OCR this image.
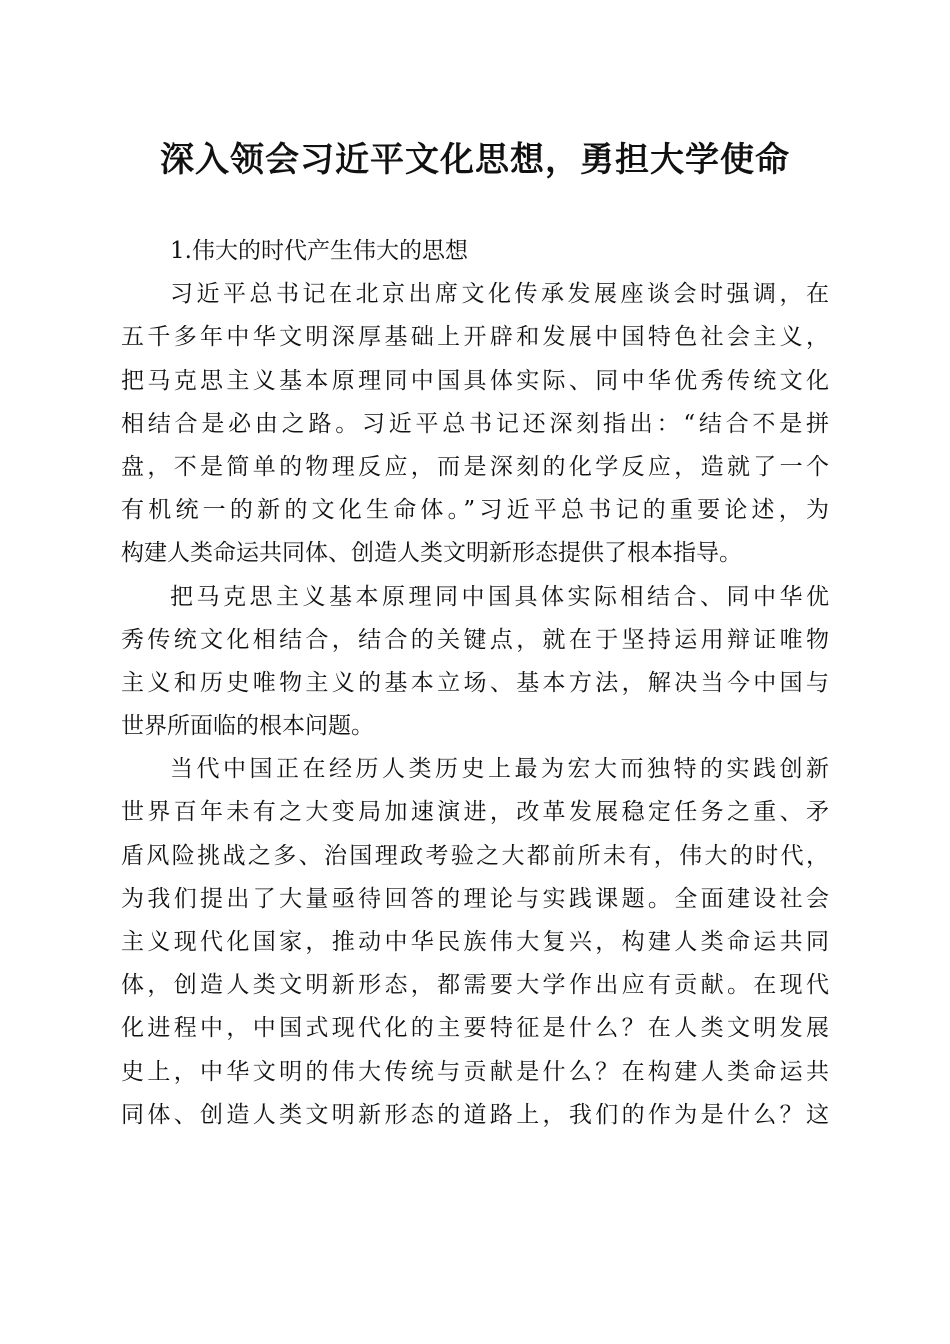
深入领会习近平文化思想，勇担大学使命
1.伟大的时代产生伟大的思想
习近平总书记在北京出席文化传承发展座谈会时强调，在
五千多年中华文明深厚基础上开辟和发展中国特色社会主义，
把马克思主义基本原理同中国具体实际、同中华优秀传统文化
相结合是必由之路。习近平总书记还深刻指出：“结合不是拼
盘，不是简单的物理反应，而是深刻的化学反应，造就了一个
有机统一的新的文化生命体。”习近平总书记的重要论述，为
构建人类命运共同体、创造人类文明新形态提供了根本指导。
把马克思主义基本原理同中国具体实际相结合、同中华优
秀传统文化相结合，结合的关键点，就在于坚持运用辩证唯物
主义和历史唯物主义的基本立场、基本方法，解决当今中国与
世界所面临的根本问题。
当代中国正在经历人类历史上最为宏大而独特的实践创新
世界百年未有之大变局加速演进，改革发展稳定任务之重、矛
盾风险挑战之多、治国理政考验之大都前所未有，伟大的时代，
为我们提出了大量亟待回答的理论与实践课题。全面建设社会
主义现代化国家，推动中华民族伟大复兴，构建人类命运共同
体，创造人类文明新形态，都需要大学作出应有贡献。在现代
化进程中，中国式现代化的主要特征是什么？在人类文明发展
史上，中华文明的伟大传统与贡献是什么？在构建人类命运共
同体、创造人类文明新形态的道路上，我们的作为是什么？这
